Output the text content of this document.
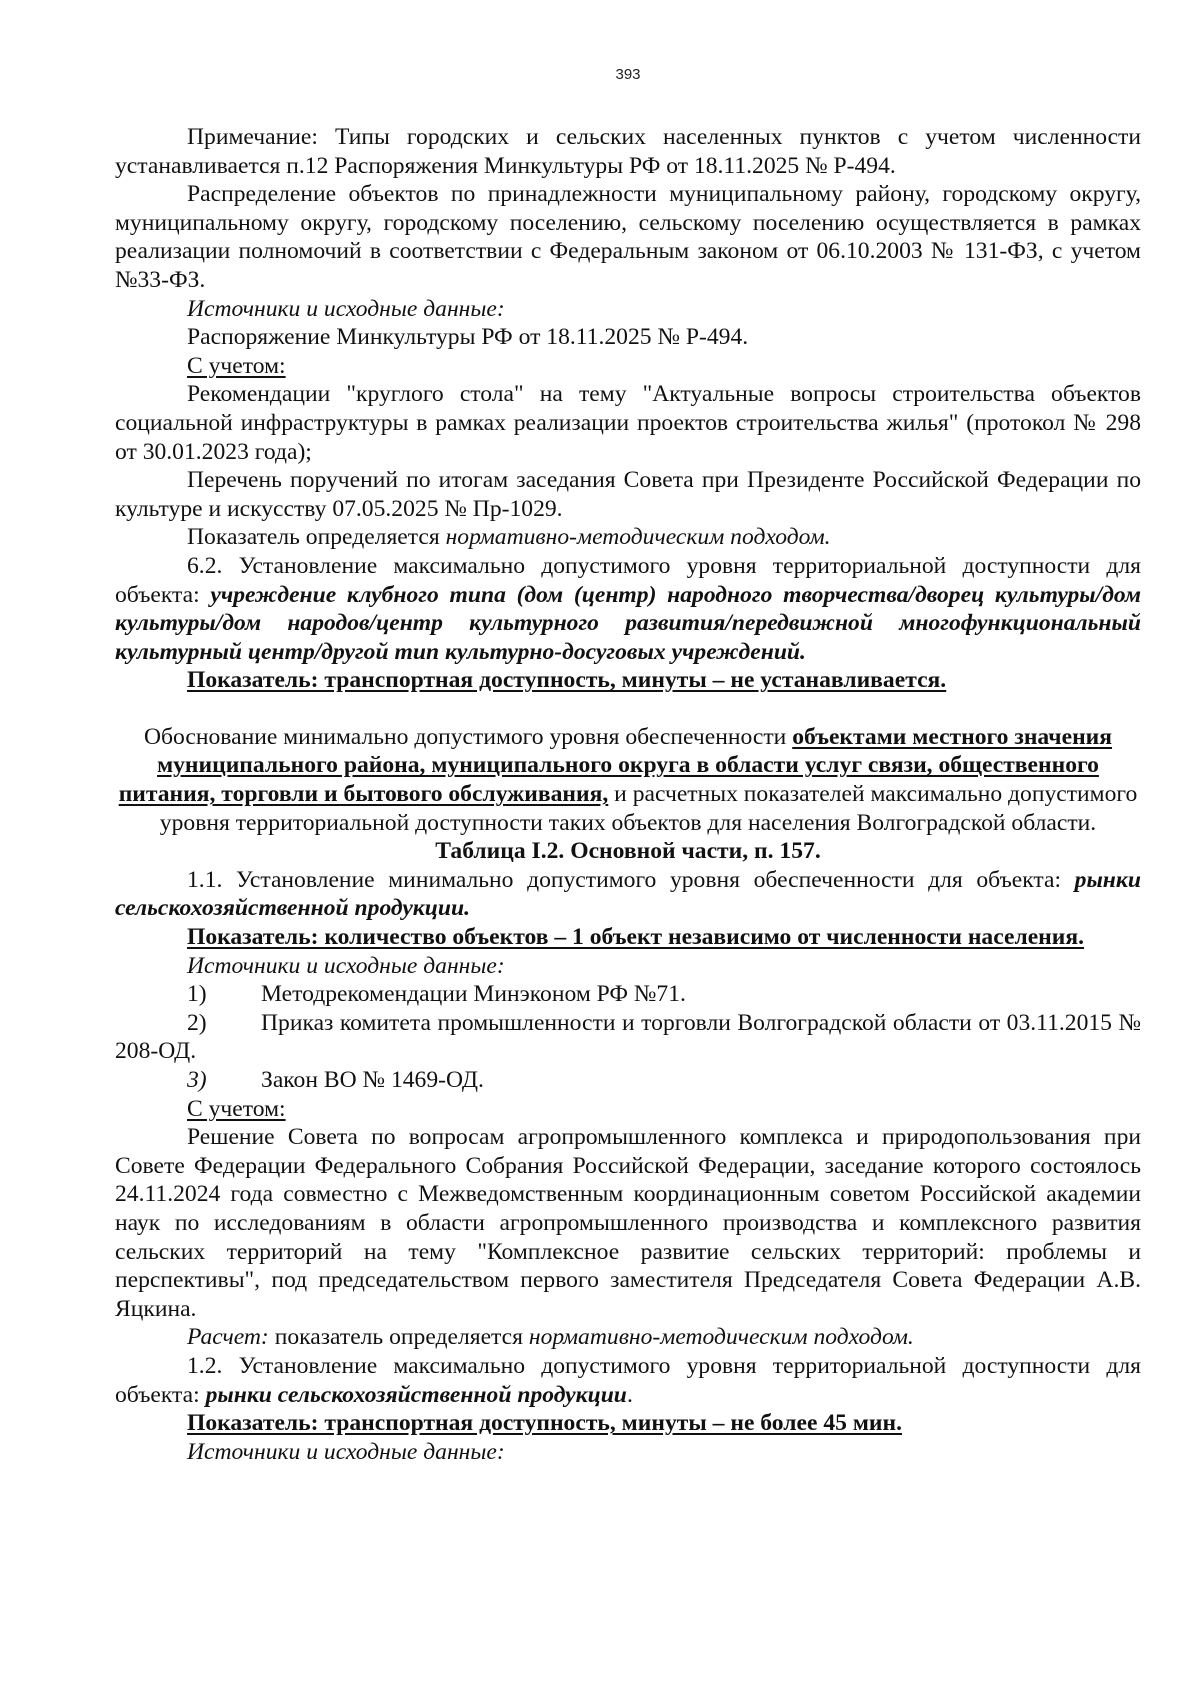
393

Примечание: Типы городских и сельских населенных пунктов с учетом численности устанавливается п.12 Распоряжения Минкультуры РФ от 18.11.2025 № Р-494.

Распределение объектов по принадлежности муниципальному району, городскому округу, муниципальному округу, городскому поселению, сельскому поселению осуществляется в рамках реализации полномочий в соответствии с Федеральным законом от 06.10.2003 № 131-ФЗ, с учетом №33-ФЗ.

Источники и исходные данные:

Распоряжение Минкультуры РФ от 18.11.2025 № Р-494.

С учетом:

Рекомендации "круглого стола" на тему "Актуальные вопросы строительства объектов социальной инфраструктуры в рамках реализации проектов строительства жилья" (протокол № 298 от 30.01.2023 года);

Перечень поручений по итогам заседания Совета при Президенте Российской Федерации по культуре и искусству 07.05.2025 № Пр-1029.

Показатель определяется нормативно-методическим подходом.

6.2. Установление максимально допустимого уровня территориальной доступности для объекта: учреждение клубного типа (дом (центр) народного творчества/дворец культуры/дом культуры/дом народов/центр культурного развития/передвижной многофункциональный культурный центр/другой тип культурно-досуговых учреждений.

Показатель: транспортная доступность, минуты – не устанавливается.

Обоснование минимально допустимого уровня обеспеченности объектами местного значения муниципального района, муниципального округа в области услуг связи, общественного питания, торговли и бытового обслуживания, и расчетных показателей максимально допустимого уровня территориальной доступности таких объектов для населения Волгоградской области.

Таблица I.2. Основной части, п. 157.

1.1. Установление минимально допустимого уровня обеспеченности для объекта: рынки сельскохозяйственной продукции.

Показатель: количество объектов – 1 объект независимо от численности населения.

Источники и исходные данные:

1)	Методрекомендации Минэконом РФ №71.

2) Приказ комитета промышленности и торговли Волгоградской области от 03.11.2015 № 208-ОД.

3)	Закон ВО № 1469-ОД.

С учетом:

Решение Совета по вопросам агропромышленного комплекса и природопользования при Совете Федерации Федерального Собрания Российской Федерации, заседание которого состоялось 24.11.2024 года совместно с Межведомственным координационным советом Российской академии наук по исследованиям в области агропромышленного производства и комплексного развития сельских территорий на тему "Комплексное развитие сельских территорий: проблемы и перспективы", под председательством первого заместителя Председателя Совета Федерации А.В. Яцкина.

Расчет: показатель определяется нормативно-методическим подходом.

1.2. Установление максимально допустимого уровня территориальной доступности для объекта: рынки сельскохозяйственной продукции.

Показатель: транспортная доступность, минуты – не более 45 мин.

Источники и исходные данные:
